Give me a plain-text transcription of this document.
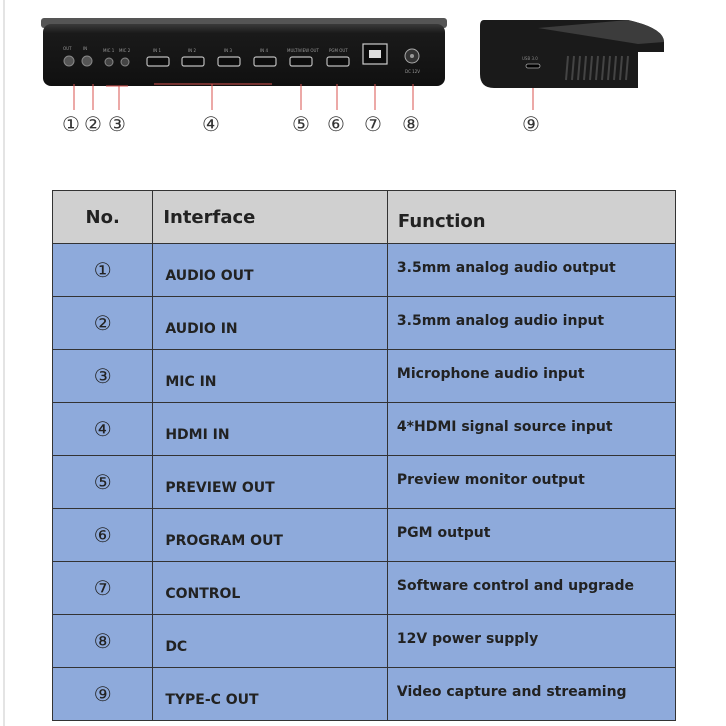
OUT	IN	MIC 1 MIC 2	IN 1	IN 2	IN 3	IN 4	MULTIVIEW OUT	PGM OUT
DC 12V
USB 3.0
① ② ③	④	⑤ ⑥ ⑦ ⑧	⑨
No.	Interface	Function

①	AUDIO OUT	3.5mm analog audio output

②	AUDIO IN	3.5mm analog audio input

③	MIC IN	Microphone audio input

④	HDMI IN	4*HDMI signal source input

⑤	PREVIEW OUT	Preview monitor output

⑥	PROGRAM OUT	PGM output

⑦	CONTROL	Software control and upgrade

⑧	DC	12V power supply

⑨	TYPE-C OUT	Video capture and streaming
